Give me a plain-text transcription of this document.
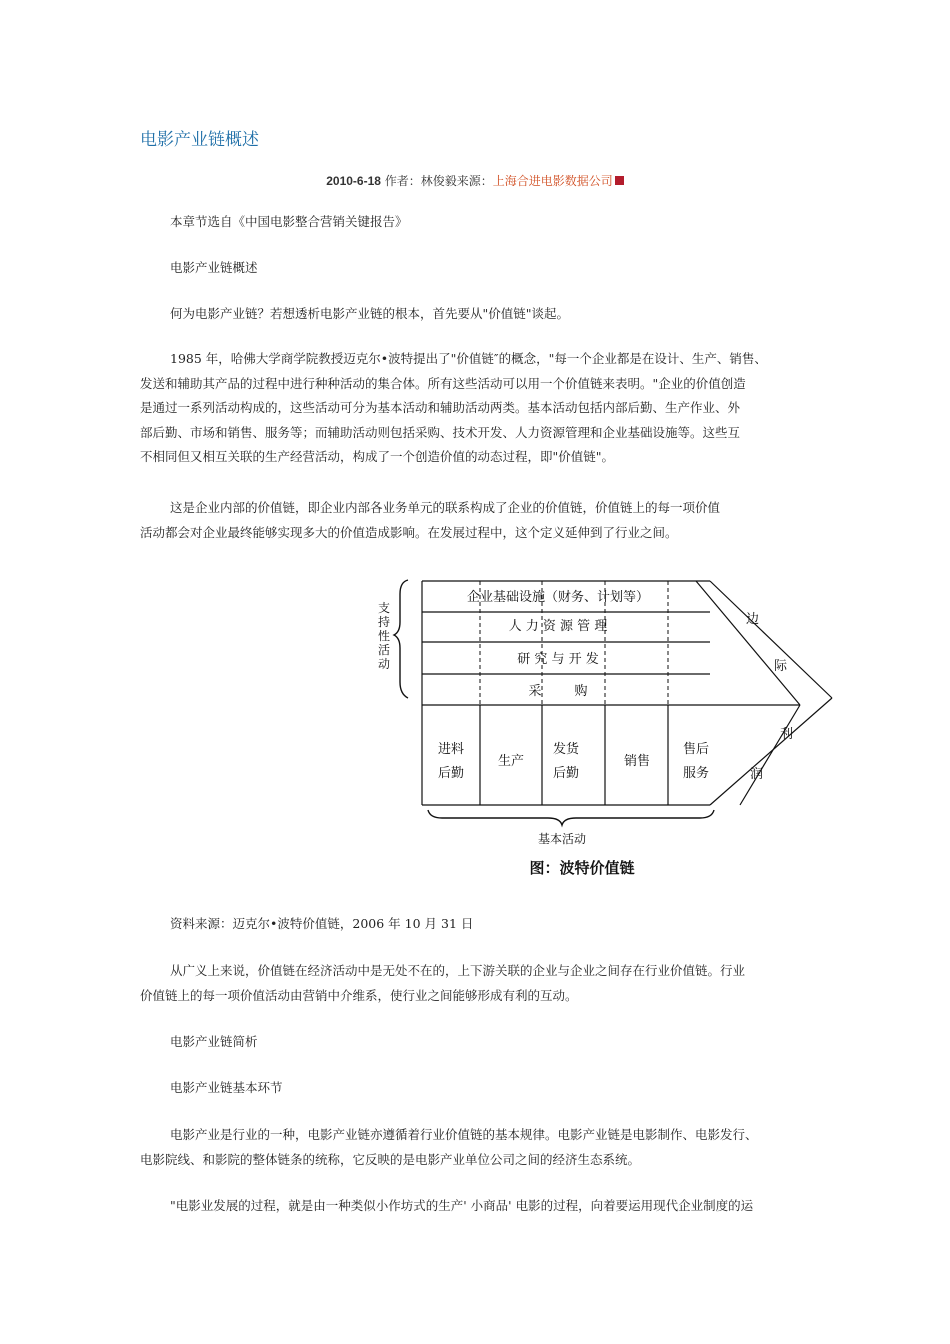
电影产业链概述
2010-6-18 作者：林俊毅来源：上海合进电影数据公司

本章节选自《中国电影整合营销关键报告》

电影产业链概述

何为电影产业链？若想透析电影产业链的根本，首先要从"价值链"谈起。

1985 年，哈佛大学商学院教授迈克尔•波特提出了"价值链″的概念，"每一个企业都是在设计、生产、销售、
发送和辅助其产品的过程中进行种种活动的集合体。所有这些活动可以用一个价值链来表明。"企业的价值创造
是通过一系列活动构成的，这些活动可分为基本活动和辅助活动两类。基本活动包括内部后勤、生产作业、外
部后勤、市场和销售、服务等；而辅助活动则包括采购、技术开发、人力资源管理和企业基础设施等。这些互
不相同但又相互关联的生产经营活动，构成了一个创造价值的动态过程，即"价值链"。
这是企业内部的价值链，即企业内部各业务单元的联系构成了企业的价值链，价值链上的每一项价值
活动都会对企业最终能够实现多大的价值造成影响。在发展过程中，这个定义延伸到了行业之间。
企业基础设施（财务、计划等）
人 力 资 源 管 理
研 究 与 开 发
采        购
支
持
性
活
动
进料
后勤
生产
发货
后勤
销售
售后
服务
边
际
利
润
基本活动
图：波特价值链

资料来源：迈克尔•波特价值链，2006 年 10 月 31 日

从广义上来说，价值链在经济活动中是无处不在的，上下游关联的企业与企业之间存在行业价值链。行业
价值链上的每一项价值活动由营销中介维系，使行业之间能够形成有利的互动。

电影产业链简析

电影产业链基本环节

电影产业是行业的一种，电影产业链亦遵循着行业价值链的基本规律。电影产业链是电影制作、电影发行、
电影院线、和影院的整体链条的统称，它反映的是电影产业单位公司之间的经济生态系统。

"电影业发展的过程，就是由一种类似小作坊式的生产' 小商品' 电影的过程，向着要运用现代企业制度的运
